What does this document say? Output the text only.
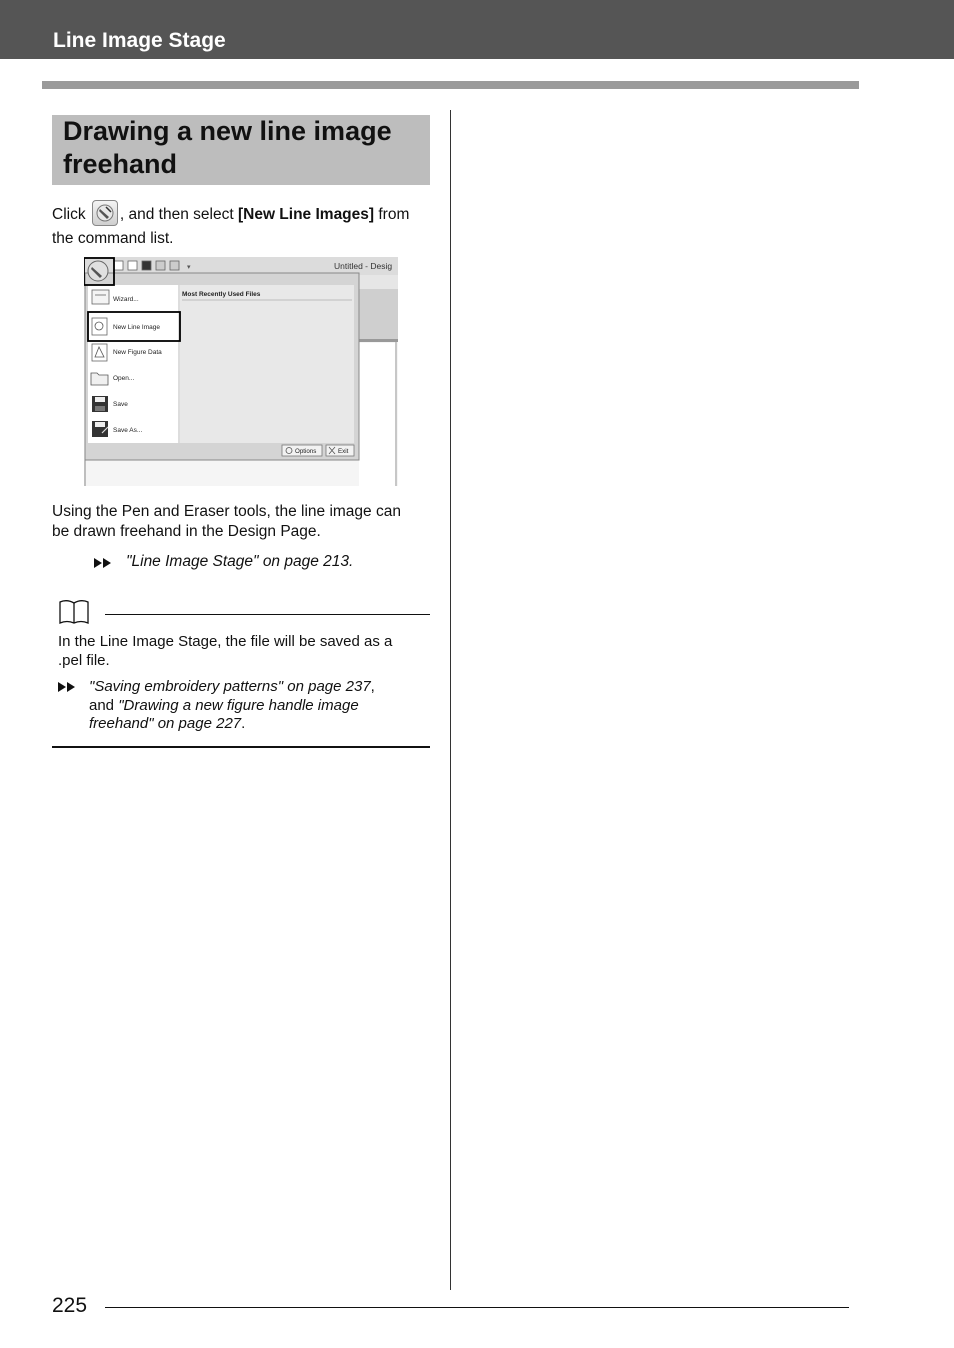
Line Image Stage
Drawing a new line image
freehand
Click , and then select [New Line Images] from
the command list.
▾	Untitled - Desig
Most Recently Used Files
Wizard...
New Line Image
New Figure Data
Open...
Save
Save As...
Options	Exit
Using the Pen and Eraser tools, the line image can
be drawn freehand in the Design Page.
"Line Image Stage" on page 213.
In the Line Image Stage, the file will be saved as a
.pel file.
"Saving embroidery patterns" on page 237,
and "Drawing a new figure handle image
freehand" on page 227.
225
